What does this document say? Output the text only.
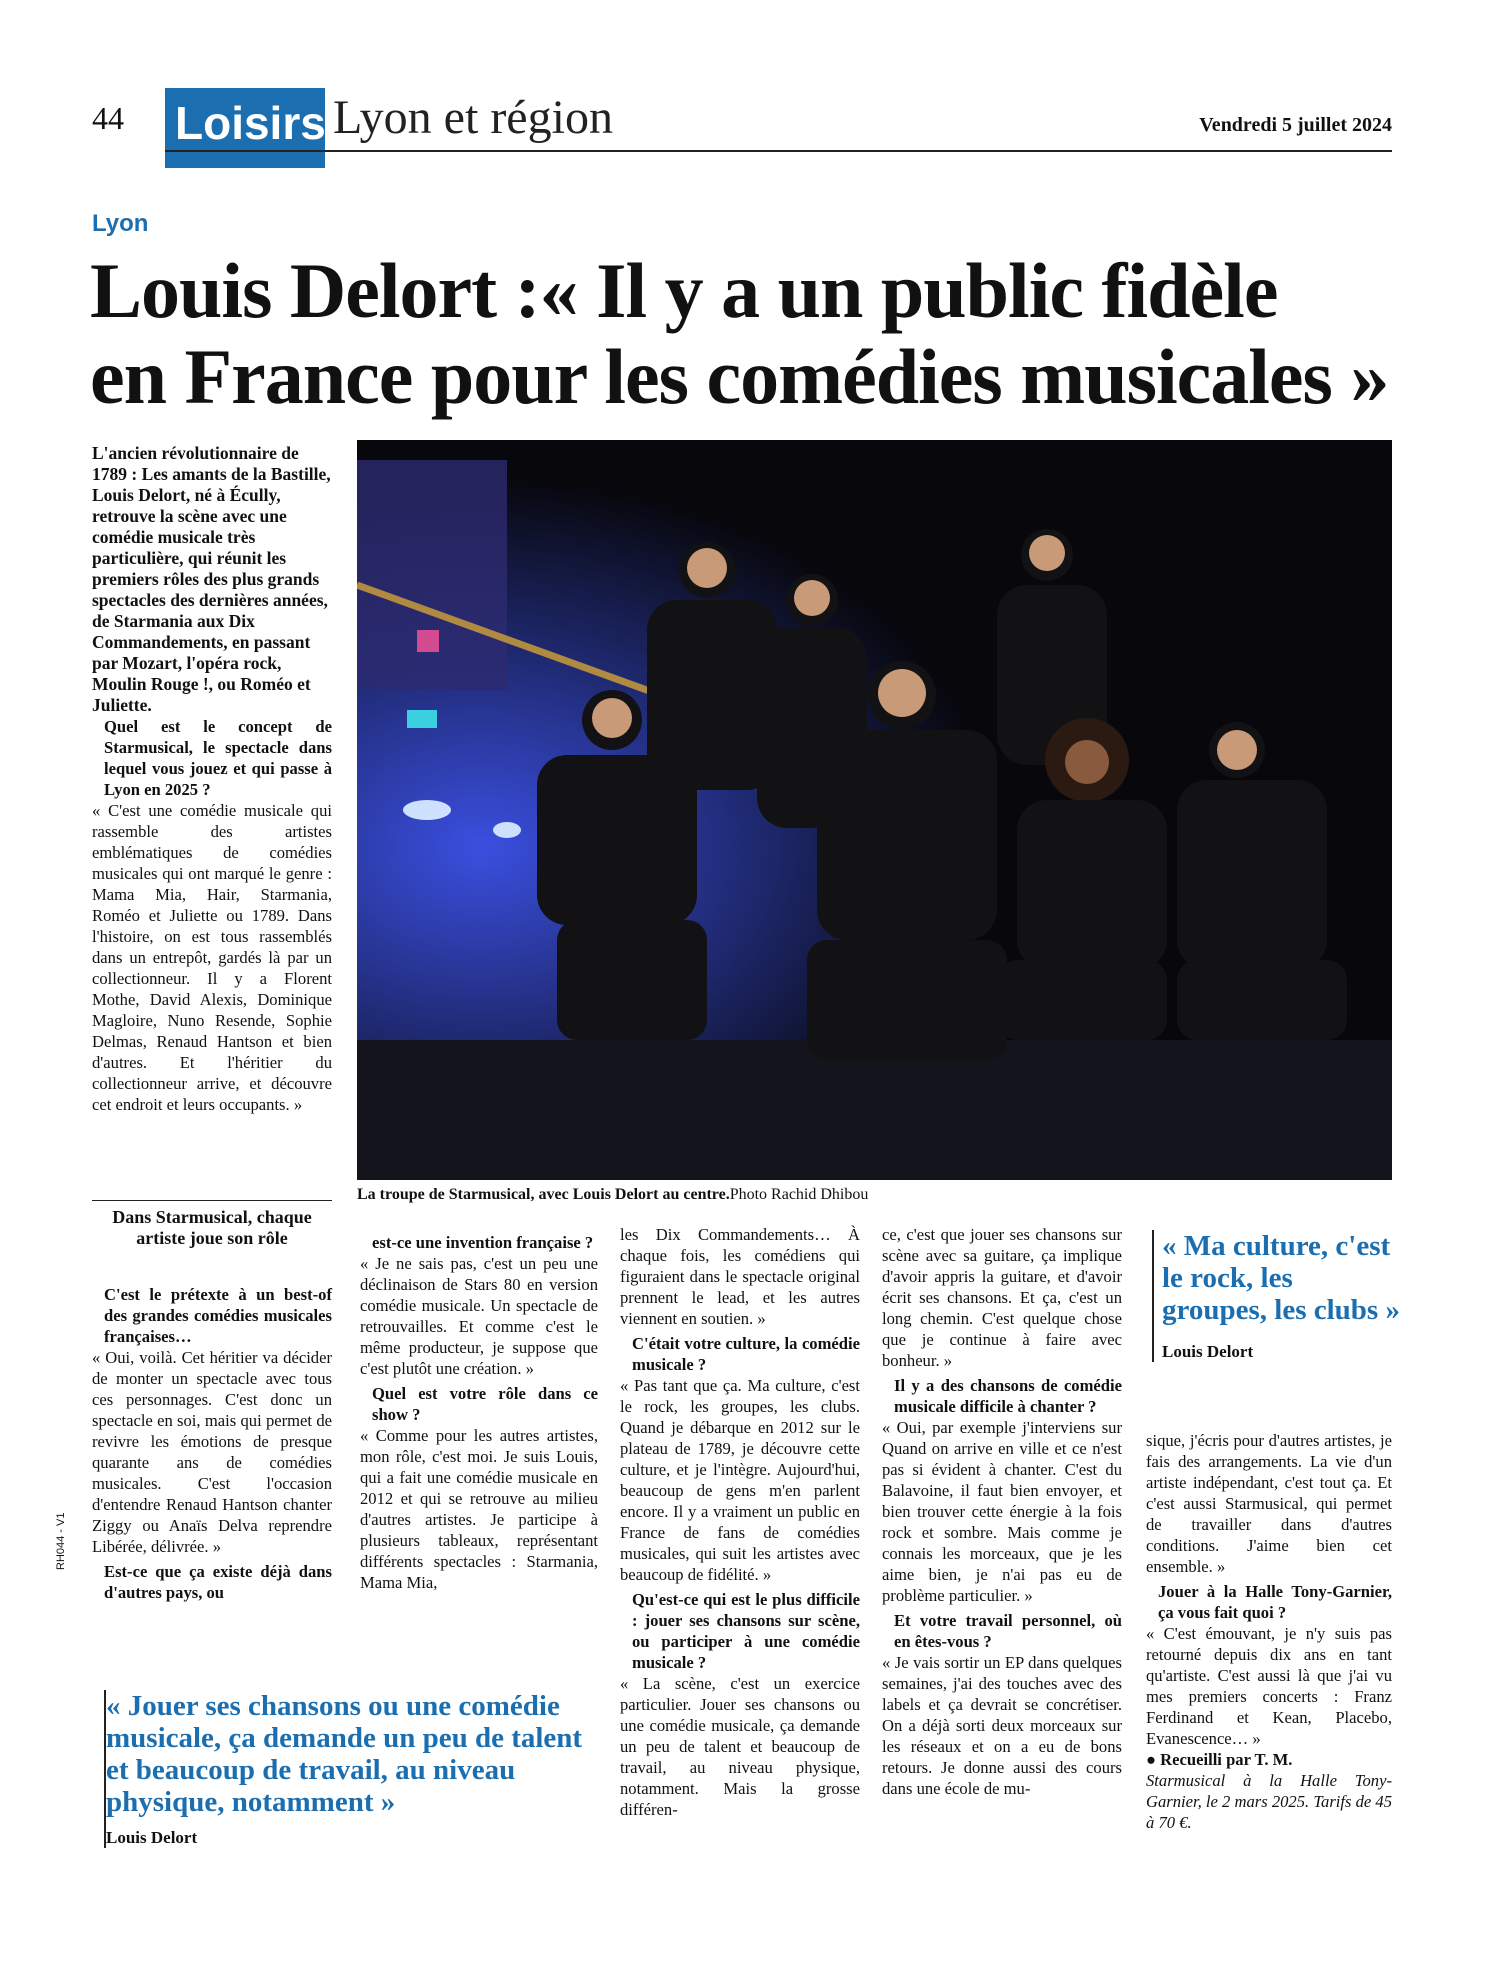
44 Loisirs Lyon et région	Vendredi 5 juillet 2024
Lyon
Louis Delort :« Il y a un public fidèle
en France pour les comédies musicales »
L'ancien révolutionnaire de 1789 : Les amants de la Bastille, Louis Delort, né à Écully, retrouve la scène avec une comédie musicale très particulière, qui réunit les premiers rôles des plus grands spectacles des dernières années, de Starmania aux Dix Commandements, en passant par Mozart, l'opéra rock, Moulin Rouge !, ou Roméo et Juliette.
La troupe de Starmusical, avec Louis Delort au centre.Photo Rachid Dhibou
Quel est le concept de Starmusical, le spectacle dans lequel vous jouez et qui passe à Lyon en 2025 ?
« C'est une comédie musicale qui rassemble des artistes emblématiques de comédies musicales qui ont marqué le genre : Mama Mia, Hair, Starmania, Roméo et Juliette ou 1789. Dans l'histoire, on est tous rassemblés dans un entrepôt, gardés là par un collectionneur. Il y a Florent Mothe, David Alexis, Dominique Magloire, Nuno Resende, Sophie Delmas, Renaud Hantson et bien d'autres. Et l'héritier du collectionneur arrive, et découvre cet endroit et leurs occupants. »
Dans Starmusical, chaque artiste joue son rôle
C'est le prétexte à un best-of des grandes comédies musicales françaises…
« Oui, voilà. Cet héritier va décider de monter un spectacle avec tous ces personnages. C'est donc un spectacle en soi, mais qui permet de revivre les émotions de presque quarante ans de comédies musicales. C'est l'occasion d'entendre Renaud Hantson chanter Ziggy ou Anaïs Delva reprendre Libérée, délivrée. »
Est-ce que ça existe déjà dans d'autres pays, ou
est-ce une invention française ?
« Je ne sais pas, c'est un peu une déclinaison de Stars 80 en version comédie musicale. Un spectacle de retrouvailles. Et comme c'est le même producteur, je suppose que c'est plutôt une création. »
Quel est votre rôle dans ce show ?
« Comme pour les autres artistes, mon rôle, c'est moi. Je suis Louis, qui a fait une comédie musicale en 2012 et qui se retrouve au milieu d'autres artistes. Je participe à plusieurs tableaux, représentant différents spectacles : Starmania, Mama Mia,
les Dix Commandements… À chaque fois, les comédiens qui figuraient dans le spectacle original prennent le lead, et les autres viennent en soutien. »
C'était votre culture, la comédie musicale ?
« Pas tant que ça. Ma culture, c'est le rock, les groupes, les clubs. Quand je débarque en 2012 sur le plateau de 1789, je découvre cette culture, et je l'intègre. Aujourd'hui, beaucoup de gens m'en parlent encore. Il y a vraiment un public en France de fans de comédies musicales, qui suit les artistes avec beaucoup de fidélité. »
Qu'est-ce qui est le plus difficile : jouer ses chansons sur scène, ou participer à une comédie musicale ?
« La scène, c'est un exercice particulier. Jouer ses chansons ou une comédie musicale, ça demande un peu de talent et beaucoup de travail, au niveau physique, notamment. Mais la grosse différen-
ce, c'est que jouer ses chansons sur scène avec sa guitare, ça implique d'avoir appris la guitare, et d'avoir écrit ses chansons. Et ça, c'est un long chemin. C'est quelque chose que je continue à faire avec bonheur. »
Il y a des chansons de comédie musicale difficile à chanter ?
« Oui, par exemple j'interviens sur Quand on arrive en ville et ce n'est pas si évident à chanter. C'est du Balavoine, il faut bien envoyer, et bien trouver cette énergie à la fois rock et sombre. Mais comme je connais les morceaux, que je les aime bien, je n'ai pas eu de problème particulier. »
Et votre travail personnel, où en êtes-vous ?
« Je vais sortir un EP dans quelques semaines, j'ai des touches avec des labels et ça devrait se concrétiser. On a déjà sorti deux morceaux sur les réseaux et on a eu de bons retours. Je donne aussi des cours dans une école de mu-
« Ma culture, c'est le rock, les groupes, les clubs »
Louis Delort
sique, j'écris pour d'autres artistes, je fais des arrangements. La vie d'un artiste indépendant, c'est tout ça. Et c'est aussi Starmusical, qui permet de travailler dans d'autres conditions. J'aime bien cet ensemble. »
Jouer à la Halle Tony-Garnier, ça vous fait quoi ?
« C'est émouvant, je n'y suis pas retourné depuis dix ans en tant qu'artiste. C'est aussi là que j'ai vu mes premiers concerts : Franz Ferdinand et Kean, Placebo, Evanescence… »
● Recueilli par T. M.
Starmusical à la Halle Tony-Garnier, le 2 mars 2025. Tarifs de 45 à 70 €.
« Jouer ses chansons ou une comédie musicale, ça demande un peu de talent et beaucoup de travail, au niveau physique, notamment »
Louis Delort
RH044 - V1
